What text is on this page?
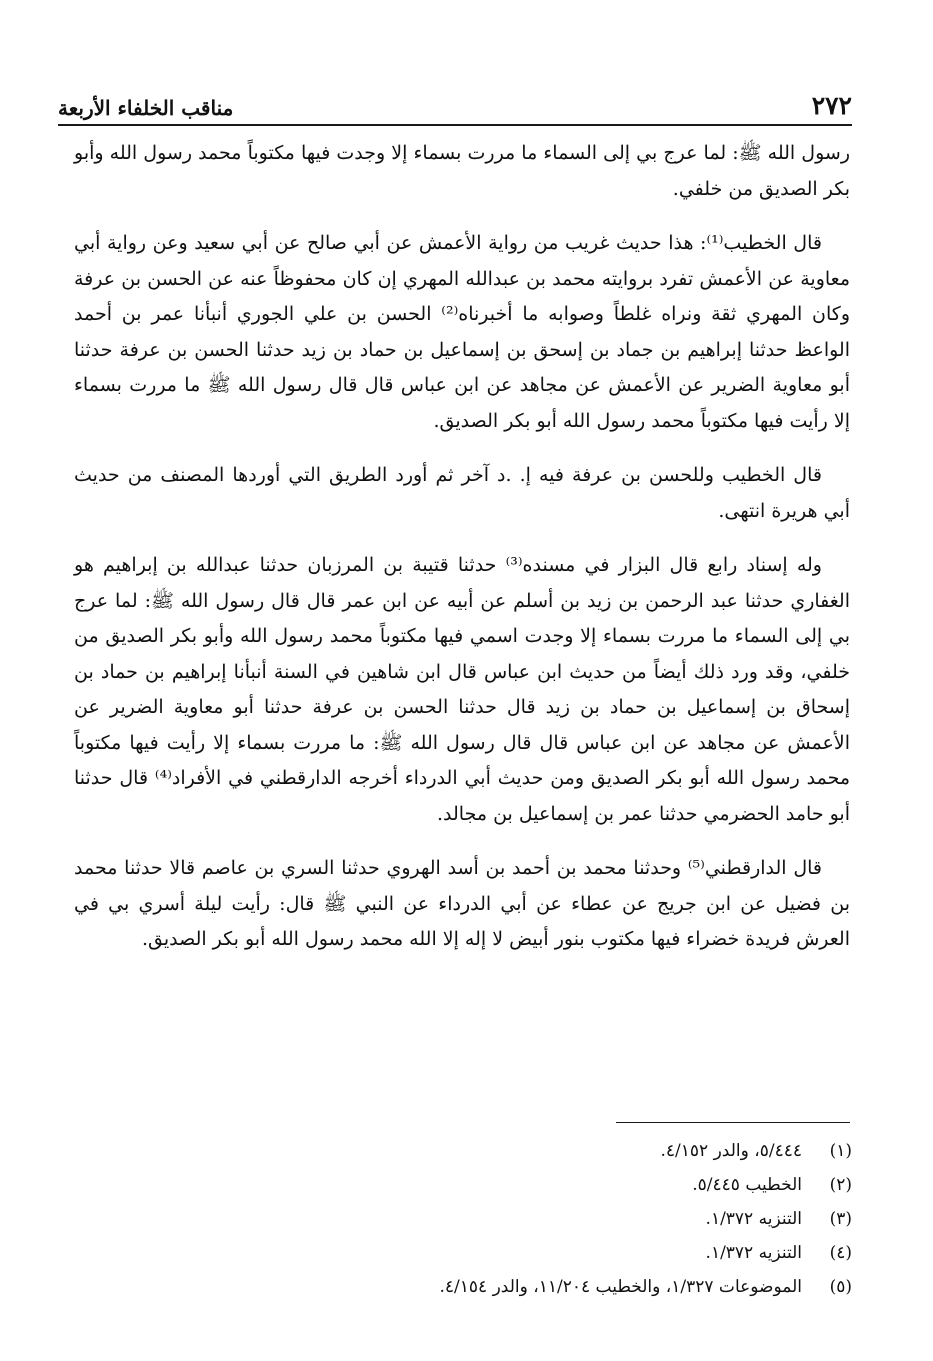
٢٧٢
مناقب الخلفاء الأربعة

رسول الله ﷺ: لما عرج بي إلى السماء ما مررت بسماء إلا وجدت فيها مكتوباً محمد رسول الله وأبو بكر الصديق من خلفي.

قال الخطيب⁽¹⁾: هذا حديث غريب من رواية الأعمش عن أبي صالح عن أبي سعيد وعن رواية أبي معاوية عن الأعمش تفرد بروايته محمد بن عبدالله المهري إن كان محفوظاً عنه عن الحسن بن عرفة وكان المهري ثقة ونراه غلطاً وصوابه ما أخبرناه⁽²⁾ الحسن بن علي الجوري أنبأنا عمر بن أحمد الواعظ حدثنا إبراهيم بن جماد بن إسحق بن إسماعيل بن حماد بن زيد حدثنا الحسن بن عرفة حدثنا أبو معاوية الضرير عن الأعمش عن مجاهد عن ابن عباس قال قال رسول الله ﷺ ما مررت بسماء إلا رأيت فيها مكتوباً محمد رسول الله أبو بكر الصديق.

قال الخطيب وللحسن بن عرفة فيه إ. .د آخر ثم أورد الطريق التي أوردها المصنف من حديث أبي هريرة انتهى.

وله إسناد رابع قال البزار في مسنده⁽³⁾ حدثنا قتيبة بن المرزبان حدثنا عبدالله بن إبراهيم هو الغفاري حدثنا عبد الرحمن بن زيد بن أسلم عن أبيه عن ابن عمر قال قال رسول الله ﷺ: لما عرج بي إلى السماء ما مررت بسماء إلا وجدت اسمي فيها مكتوباً محمد رسول الله وأبو بكر الصديق من خلفي، وقد ورد ذلك أيضاً من حديث ابن عباس قال ابن شاهين في السنة أنبأنا إبراهيم بن حماد بن إسحاق بن إسماعيل بن حماد بن زيد قال حدثنا الحسن بن عرفة حدثنا أبو معاوية الضرير عن الأعمش عن مجاهد عن ابن عباس قال قال رسول الله ﷺ: ما مررت بسماء إلا رأيت فيها مكتوباً محمد رسول الله أبو بكر الصديق ومن حديث أبي الدرداء أخرجه الدارقطني في الأفراد⁽⁴⁾ قال حدثنا أبو حامد الحضرمي حدثنا عمر بن إسماعيل بن مجالد.

قال الدارقطني⁽⁵⁾ وحدثنا محمد بن أحمد بن أسد الهروي حدثنا السري بن عاصم قالا حدثنا محمد بن فضيل عن ابن جريج عن عطاء عن أبي الدرداء عن النبي ﷺ قال: رأيت ليلة أسري بي في العرش فريدة خضراء فيها مكتوب بنور أبيض لا إله إلا الله محمد رسول الله أبو بكر الصديق.

(١)
٥/٤٤٤، والدر ٤/١٥٢.
(٢)
الخطيب ٥/٤٤٥.
(٣)
التنزيه ١/٣٧٢.
(٤)
التنزيه ١/٣٧٢.
(٥)
الموضوعات ١/٣٢٧، والخطيب ١١/٢٠٤، والدر ٤/١٥٤.
